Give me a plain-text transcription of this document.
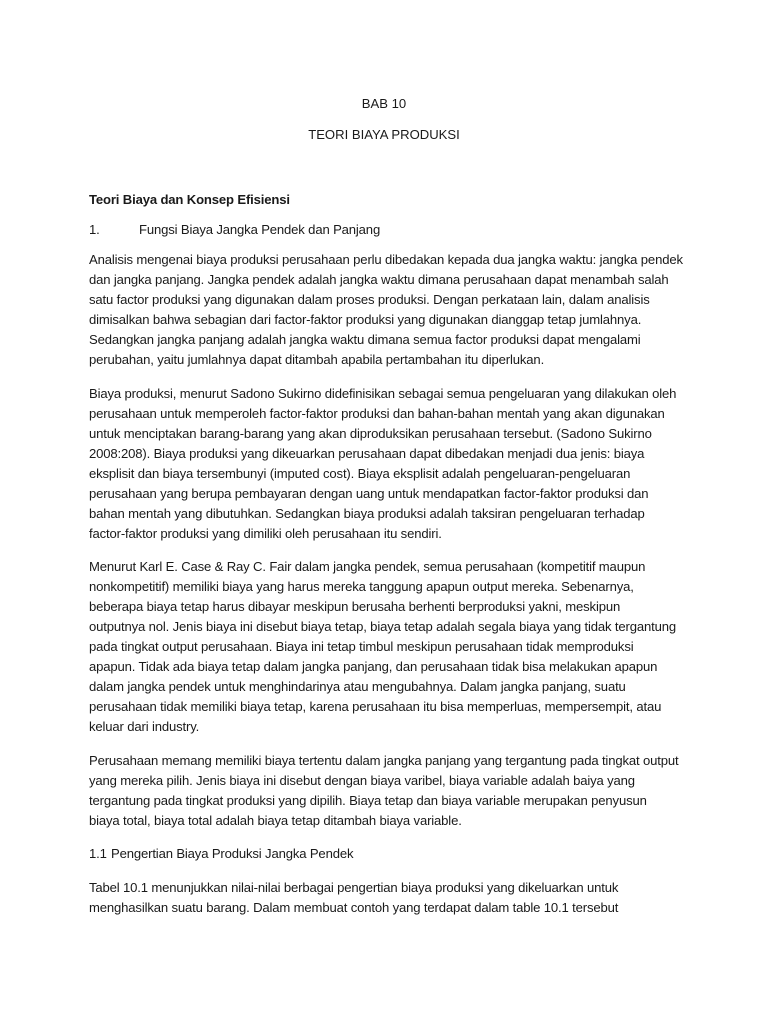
BAB 10
TEORI BIAYA PRODUKSI
Teori Biaya dan Konsep Efisiensi
1.	Fungsi Biaya Jangka Pendek dan Panjang
Analisis mengenai biaya produksi perusahaan perlu dibedakan kepada dua jangka waktu: jangka pendek
dan jangka panjang. Jangka pendek adalah jangka waktu dimana perusahaan dapat menambah salah
satu factor produksi yang digunakan dalam proses produksi. Dengan perkataan lain, dalam analisis
dimisalkan bahwa sebagian dari factor-faktor produksi yang digunakan dianggap tetap jumlahnya.
Sedangkan jangka panjang adalah jangka waktu dimana semua factor produksi dapat mengalami
perubahan, yaitu jumlahnya dapat ditambah apabila pertambahan itu diperlukan.
Biaya produksi, menurut Sadono Sukirno didefinisikan sebagai semua pengeluaran yang dilakukan oleh
perusahaan untuk memperoleh factor-faktor produksi dan bahan-bahan mentah yang akan digunakan
untuk menciptakan barang-barang yang akan diproduksikan perusahaan tersebut. (Sadono Sukirno
2008:208). Biaya produksi yang dikeuarkan perusahaan dapat dibedakan menjadi dua jenis: biaya
eksplisit dan biaya tersembunyi (imputed cost). Biaya eksplisit adalah pengeluaran-pengeluaran
perusahaan yang berupa pembayaran dengan uang untuk mendapatkan factor-faktor produksi dan
bahan mentah yang dibutuhkan. Sedangkan biaya produksi adalah taksiran pengeluaran terhadap
factor-faktor produksi yang dimiliki oleh perusahaan itu sendiri.
Menurut Karl E. Case & Ray C. Fair dalam jangka pendek, semua perusahaan (kompetitif maupun
nonkompetitif) memiliki biaya yang harus mereka tanggung apapun output mereka. Sebenarnya,
beberapa biaya tetap harus dibayar meskipun berusaha berhenti berproduksi yakni, meskipun
outputnya nol. Jenis biaya ini disebut biaya tetap, biaya tetap adalah segala biaya yang tidak tergantung
pada tingkat output perusahaan. Biaya ini tetap timbul meskipun perusahaan tidak memproduksi
apapun. Tidak ada biaya tetap dalam jangka panjang, dan perusahaan tidak bisa melakukan apapun
dalam jangka pendek untuk menghindarinya atau mengubahnya. Dalam jangka panjang, suatu
perusahaan tidak memiliki biaya tetap, karena perusahaan itu bisa memperluas, mempersempit, atau
keluar dari industry.
Perusahaan memang memiliki biaya tertentu dalam jangka panjang yang tergantung pada tingkat output
yang mereka pilih. Jenis biaya ini disebut dengan biaya varibel, biaya variable adalah baiya yang
tergantung pada tingkat produksi yang dipilih. Biaya tetap dan biaya variable merupakan penyusun
biaya total, biaya total adalah biaya tetap ditambah biaya variable.
1.1 Pengertian Biaya Produksi Jangka Pendek
Tabel 10.1 menunjukkan nilai-nilai berbagai pengertian biaya produksi yang dikeluarkan untuk
menghasilkan suatu barang. Dalam membuat contoh yang terdapat dalam table 10.1 tersebut
